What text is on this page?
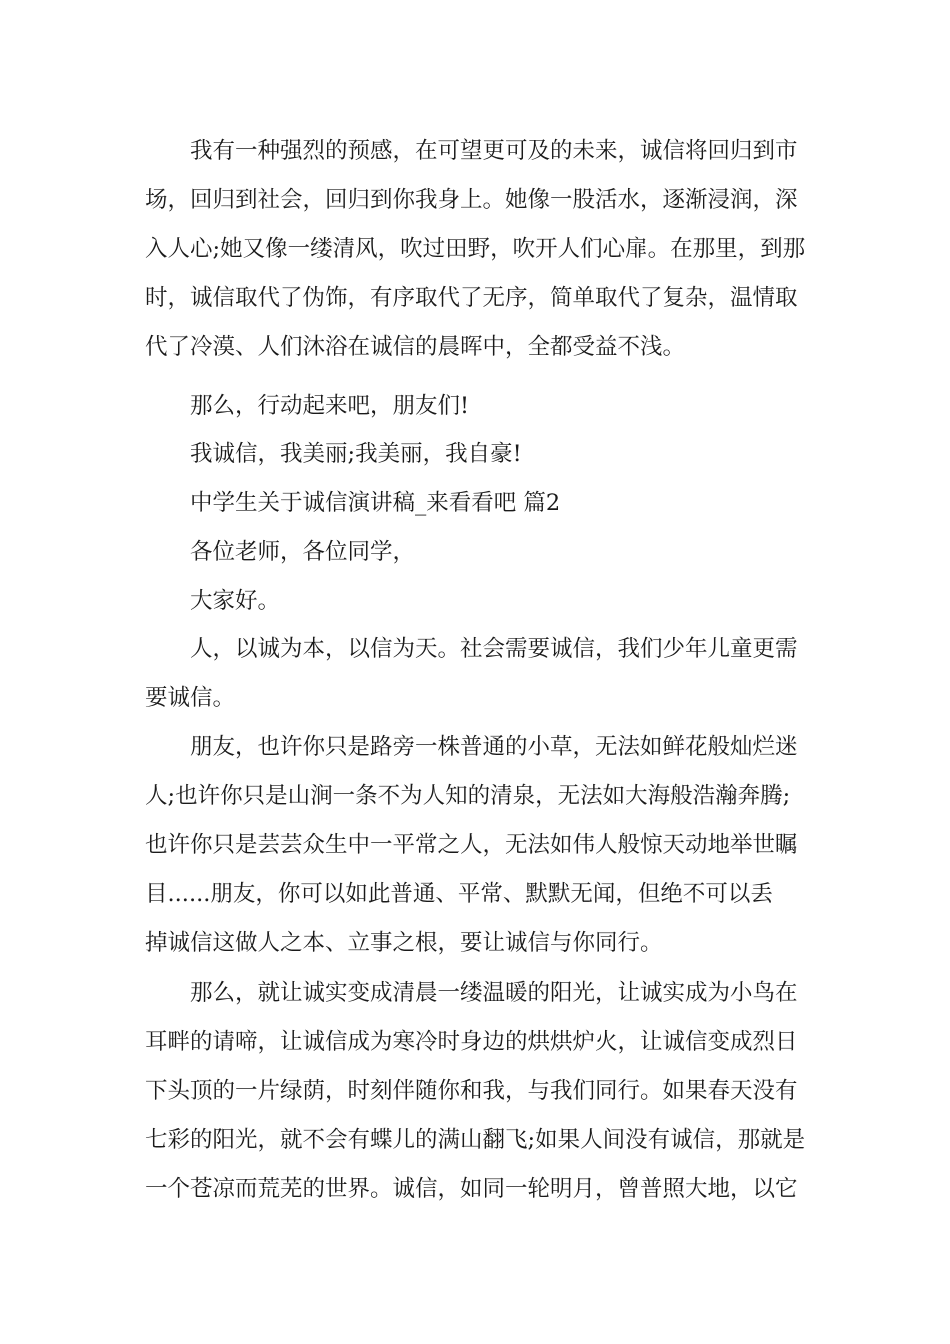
我有一种强烈的预感，在可望更可及的未来，诚信将回归到市
场，回归到社会，回归到你我身上。她像一股活水，逐渐浸润，深
入人心;她又像一缕清风，吹过田野，吹开人们心扉。在那里，到那
时，诚信取代了伪饰，有序取代了无序，简单取代了复杂，温情取
代了冷漠、人们沐浴在诚信的晨晖中，全都受益不浅。
那么，行动起来吧，朋友们!
我诚信，我美丽;我美丽，我自豪!
中学生关于诚信演讲稿_来看看吧 篇2
各位老师，各位同学，
大家好。
人，以诚为本，以信为天。社会需要诚信，我们少年儿童更需
要诚信。
朋友，也许你只是路旁一株普通的小草，无法如鲜花般灿烂迷
人;也许你只是山涧一条不为人知的清泉，无法如大海般浩瀚奔腾;
也许你只是芸芸众生中一平常之人，无法如伟人般惊天动地举世瞩
目......朋友，你可以如此普通、平常、默默无闻，但绝不可以丢
掉诚信这做人之本、立事之根，要让诚信与你同行。
那么，就让诚实变成清晨一缕温暖的阳光，让诚实成为小鸟在
耳畔的请啼，让诚信成为寒冷时身边的烘烘炉火，让诚信变成烈日
下头顶的一片绿荫，时刻伴随你和我，与我们同行。如果春天没有
七彩的阳光，就不会有蝶儿的满山翻飞;如果人间没有诚信，那就是
一个苍凉而荒芜的世界。诚信，如同一轮明月，曾普照大地，以它
